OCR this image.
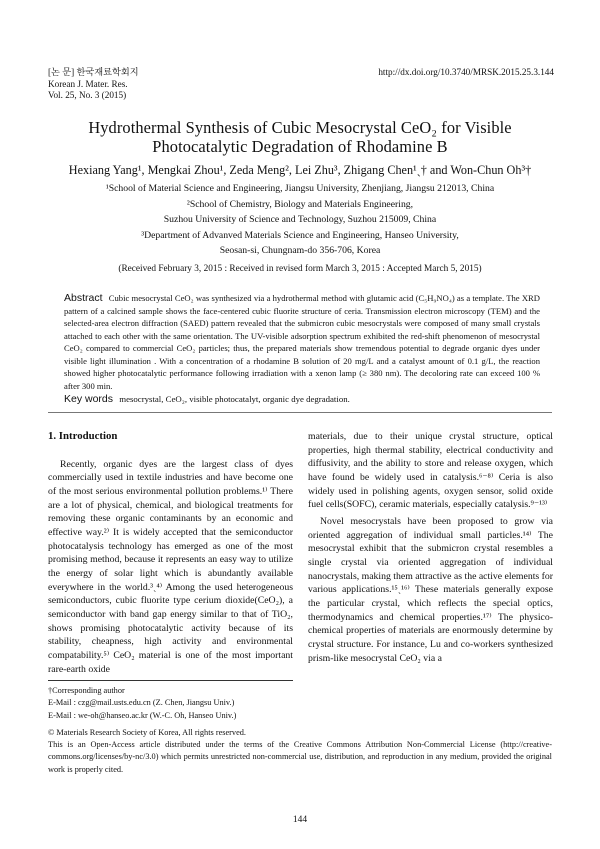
[논 문] 한국재료학회지
Korean J. Mater. Res.
Vol. 25, No. 3 (2015)
http://dx.doi.org/10.3740/MRSK.2015.25.3.144
Hydrothermal Synthesis of Cubic Mesocrystal CeO₂ for Visible
Photocatalytic Degradation of Rhodamine B
Hexiang Yang¹, Mengkai Zhou¹, Zeda Meng², Lei Zhu³, Zhigang Chen¹ˎ† and Won-Chun Oh³†
¹School of Material Science and Engineering, Jiangsu University, Zhenjiang, Jiangsu 212013, China
²School of Chemistry, Biology and Materials Engineering,
Suzhou University of Science and Technology, Suzhou 215009, China
³Department of Advanved Materials Science and Engineering, Hanseo University,
Seosan-si, Chungnam-do 356-706, Korea
(Received February 3, 2015 : Received in revised form March 3, 2015 : Accepted March 5, 2015)
Abstract Cubic mesocrystal CeO₂ was synthesized via a hydrothermal method with glutamic acid (C₅H₉NO₄) as a template. The XRD pattern of a calcined sample shows the face-centered cubic fluorite structure of ceria. Transmission electron microscopy (TEM) and the selected-area electron diffraction (SAED) pattern revealed that the submicron cubic mesocrystals were composed of many small crystals attached to each other with the same orientation. The UV-visible adsorption spectrum exhibited the red-shift phenomenon of mesocrystal CeO₂ compared to commercial CeO₂ particles; thus, the prepared materials show tremendous potential to degrade organic dyes under visible light illumination . With a concentration of a rhodamine B solution of 20 mg/L and a catalyst amount of 0.1 g/L, the reaction showed higher photocatalytic performance following irradiation with a xenon lamp (≥ 380 nm). The decoloring rate can exceed 100 % after 300 min.
Key words mesocrystal, CeO₂, visible photocatalyt, organic dye degradation.
1. Introduction

Recently, organic dyes are the largest class of dyes commercially used in textile industries and have become one of the most serious environmental pollution problems.¹⁾ There are a lot of physical, chemical, and biological treatments for removing these organic contaminants by an economic and effective way.²⁾ It is widely accepted that the semiconductor photocatalysis technology has emerged as one of the most promising method, because it represents an easy way to utilize the energy of solar light which is abundantly available everywhere in the world.³ˎ⁴⁾ Among the used heterogeneous semiconductors, cubic fluorite type cerium dioxide(CeO₂), a semiconductor with band gap energy similar to that of TiO₂, shows promising photocatalytic activity because of its stability, cheapness, high activity and environmental compatability.⁵⁾ CeO₂ material is one of the most important rare-earth oxide

materials, due to their unique crystal structure, optical properties, high thermal stability, electrical conductivity and diffusivity, and the ability to store and release oxygen, which have found be widely used in catalysis.⁶⁻⁸⁾ Ceria is also widely used in polishing agents, oxygen sensor, solid oxide fuel cells(SOFC), ceramic materials, especially catalysis.⁹⁻¹³⁾

Novel mesocrystals have been proposed to grow via oriented aggregation of individual small particles.¹⁴⁾ The mesocrystal exhibit that the submicron crystal resembles a single crystal via oriented aggregation of individual nanocrystals, making them attractive as the active elements for various applications.¹⁵ˎ¹⁶⁾ These materials generally expose the particular crystal, which reflects the special optics, thermodynamics and chemical properties.¹⁷⁾ The physico-chemical properties of materials are enormously determine by crystal structure. For instance, Lu and co-workers synthesized prism-like mesocrystal CeO₂ via a

†Corresponding author
E-Mail : czg@mail.usts.edu.cn (Z. Chen, Jiangsu Univ.)
E-Mail : we-oh@hanseo.ac.kr (W.-C. Oh, Hanseo Univ.)
© Materials Research Society of Korea, All rights reserved.
This is an Open-Access article distributed under the terms of the Creative Commons Attribution Non-Commercial License (http://creative-commons.org/licenses/by-nc/3.0) which permits unrestricted non-commercial use, distribution, and reproduction in any medium, provided the original work is properly cited.
144
